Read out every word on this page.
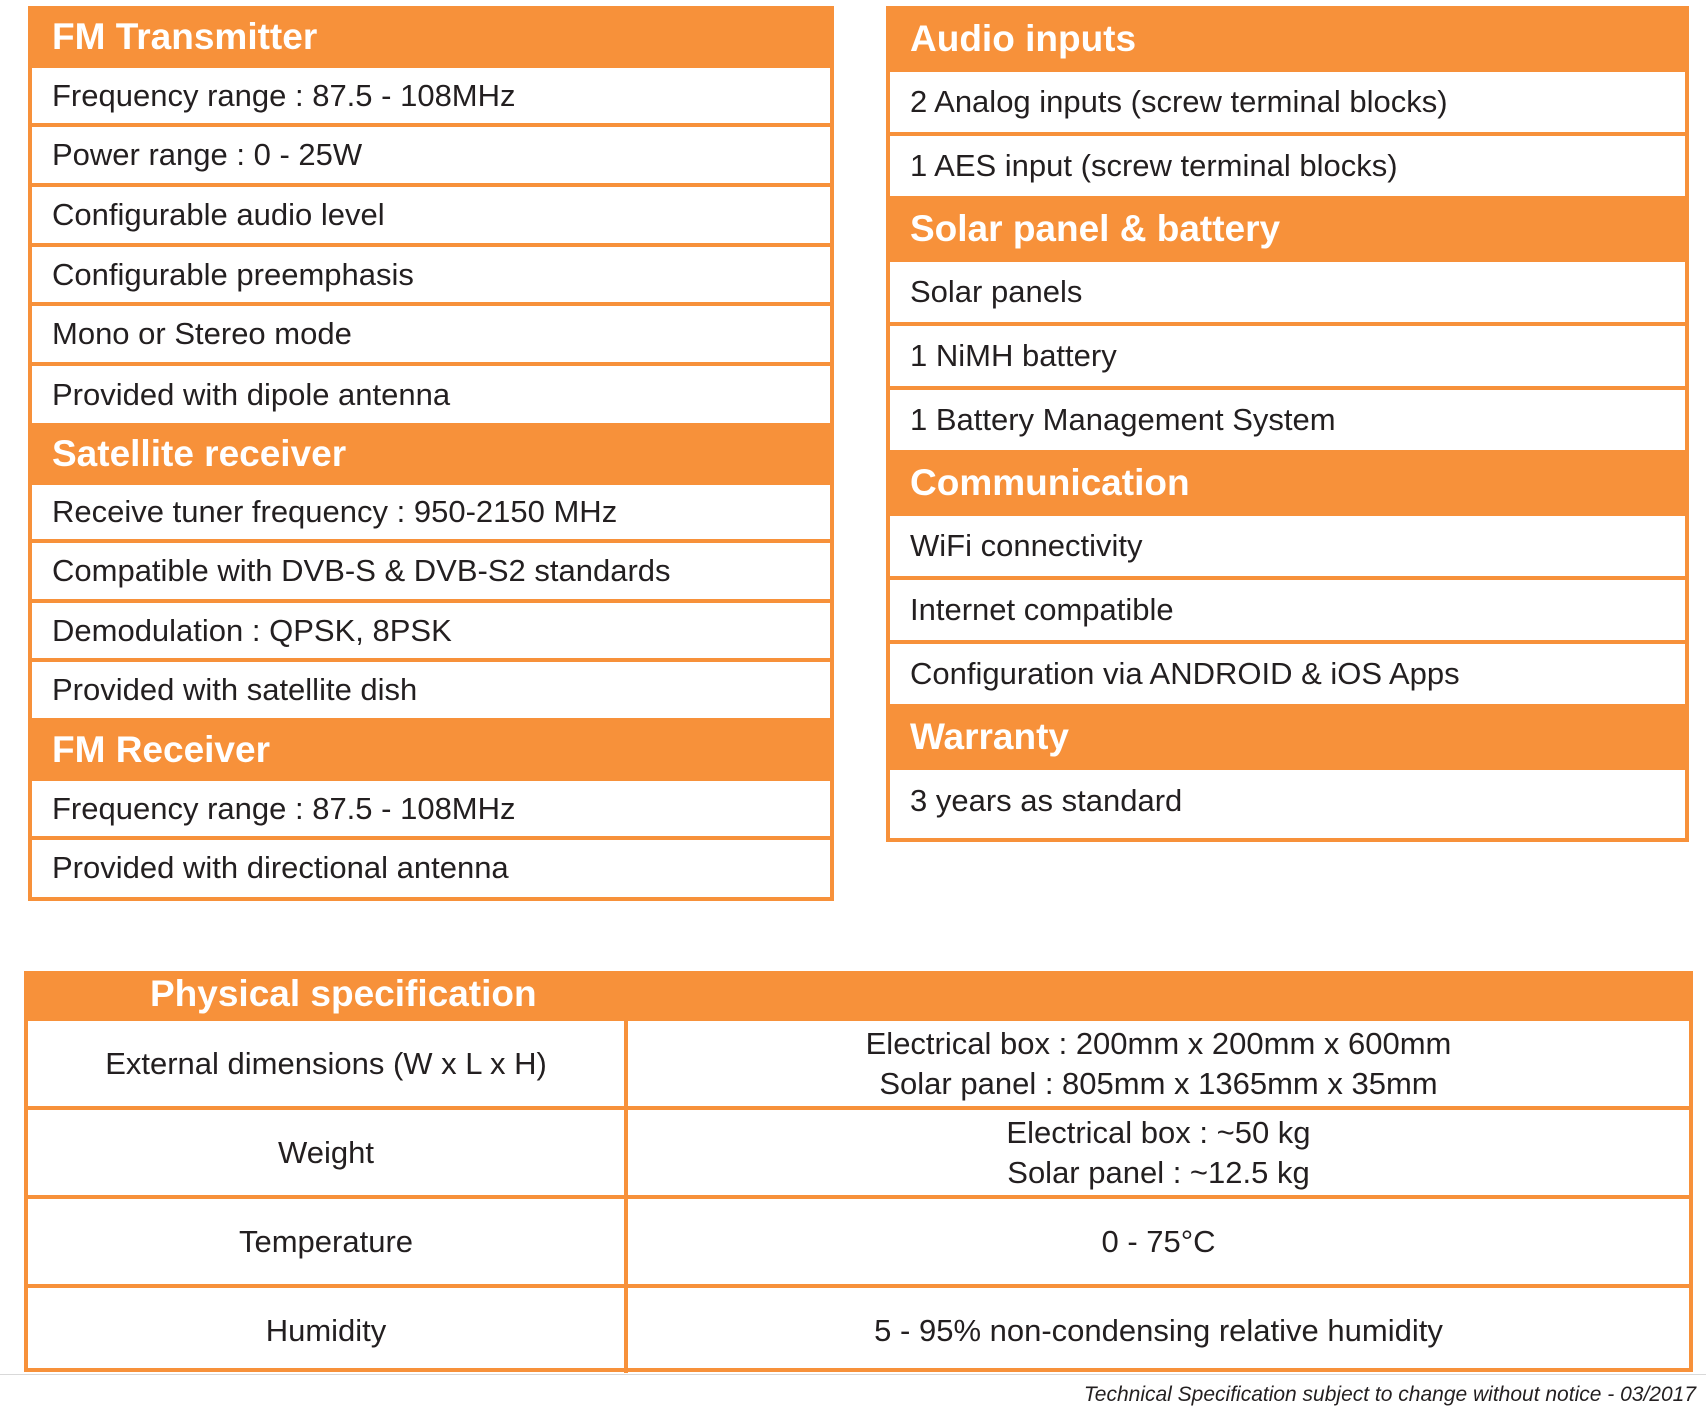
FM Transmitter
Frequency range : 87.5 - 108MHz
Power range : 0 - 25W
Configurable audio level
Configurable preemphasis
Mono or Stereo mode
Provided with dipole antenna
Satellite receiver
Receive tuner frequency : 950-2150 MHz
Compatible with DVB-S & DVB-S2 standards
Demodulation : QPSK, 8PSK
Provided with satellite dish
FM Receiver
Frequency range : 87.5 - 108MHz
Provided with directional antenna
Audio inputs
2 Analog inputs (screw terminal blocks)
1 AES input (screw terminal blocks)
Solar panel & battery
Solar panels
1 NiMH battery
1 Battery Management System
Communication
WiFi connectivity
Internet compatible
Configuration via ANDROID & iOS Apps
Warranty
3 years as standard
Physical specification
External dimensions (W x L x H)
Electrical box : 200mm x 200mm x 600mm
Solar panel : 805mm x 1365mm x 35mm
Weight
Electrical box : ~50 kg
Solar panel : ~12.5 kg
Temperature	0 - 75°C
Humidity	5 - 95% non-condensing relative humidity
Technical Specification subject to change without notice - 03/2017
